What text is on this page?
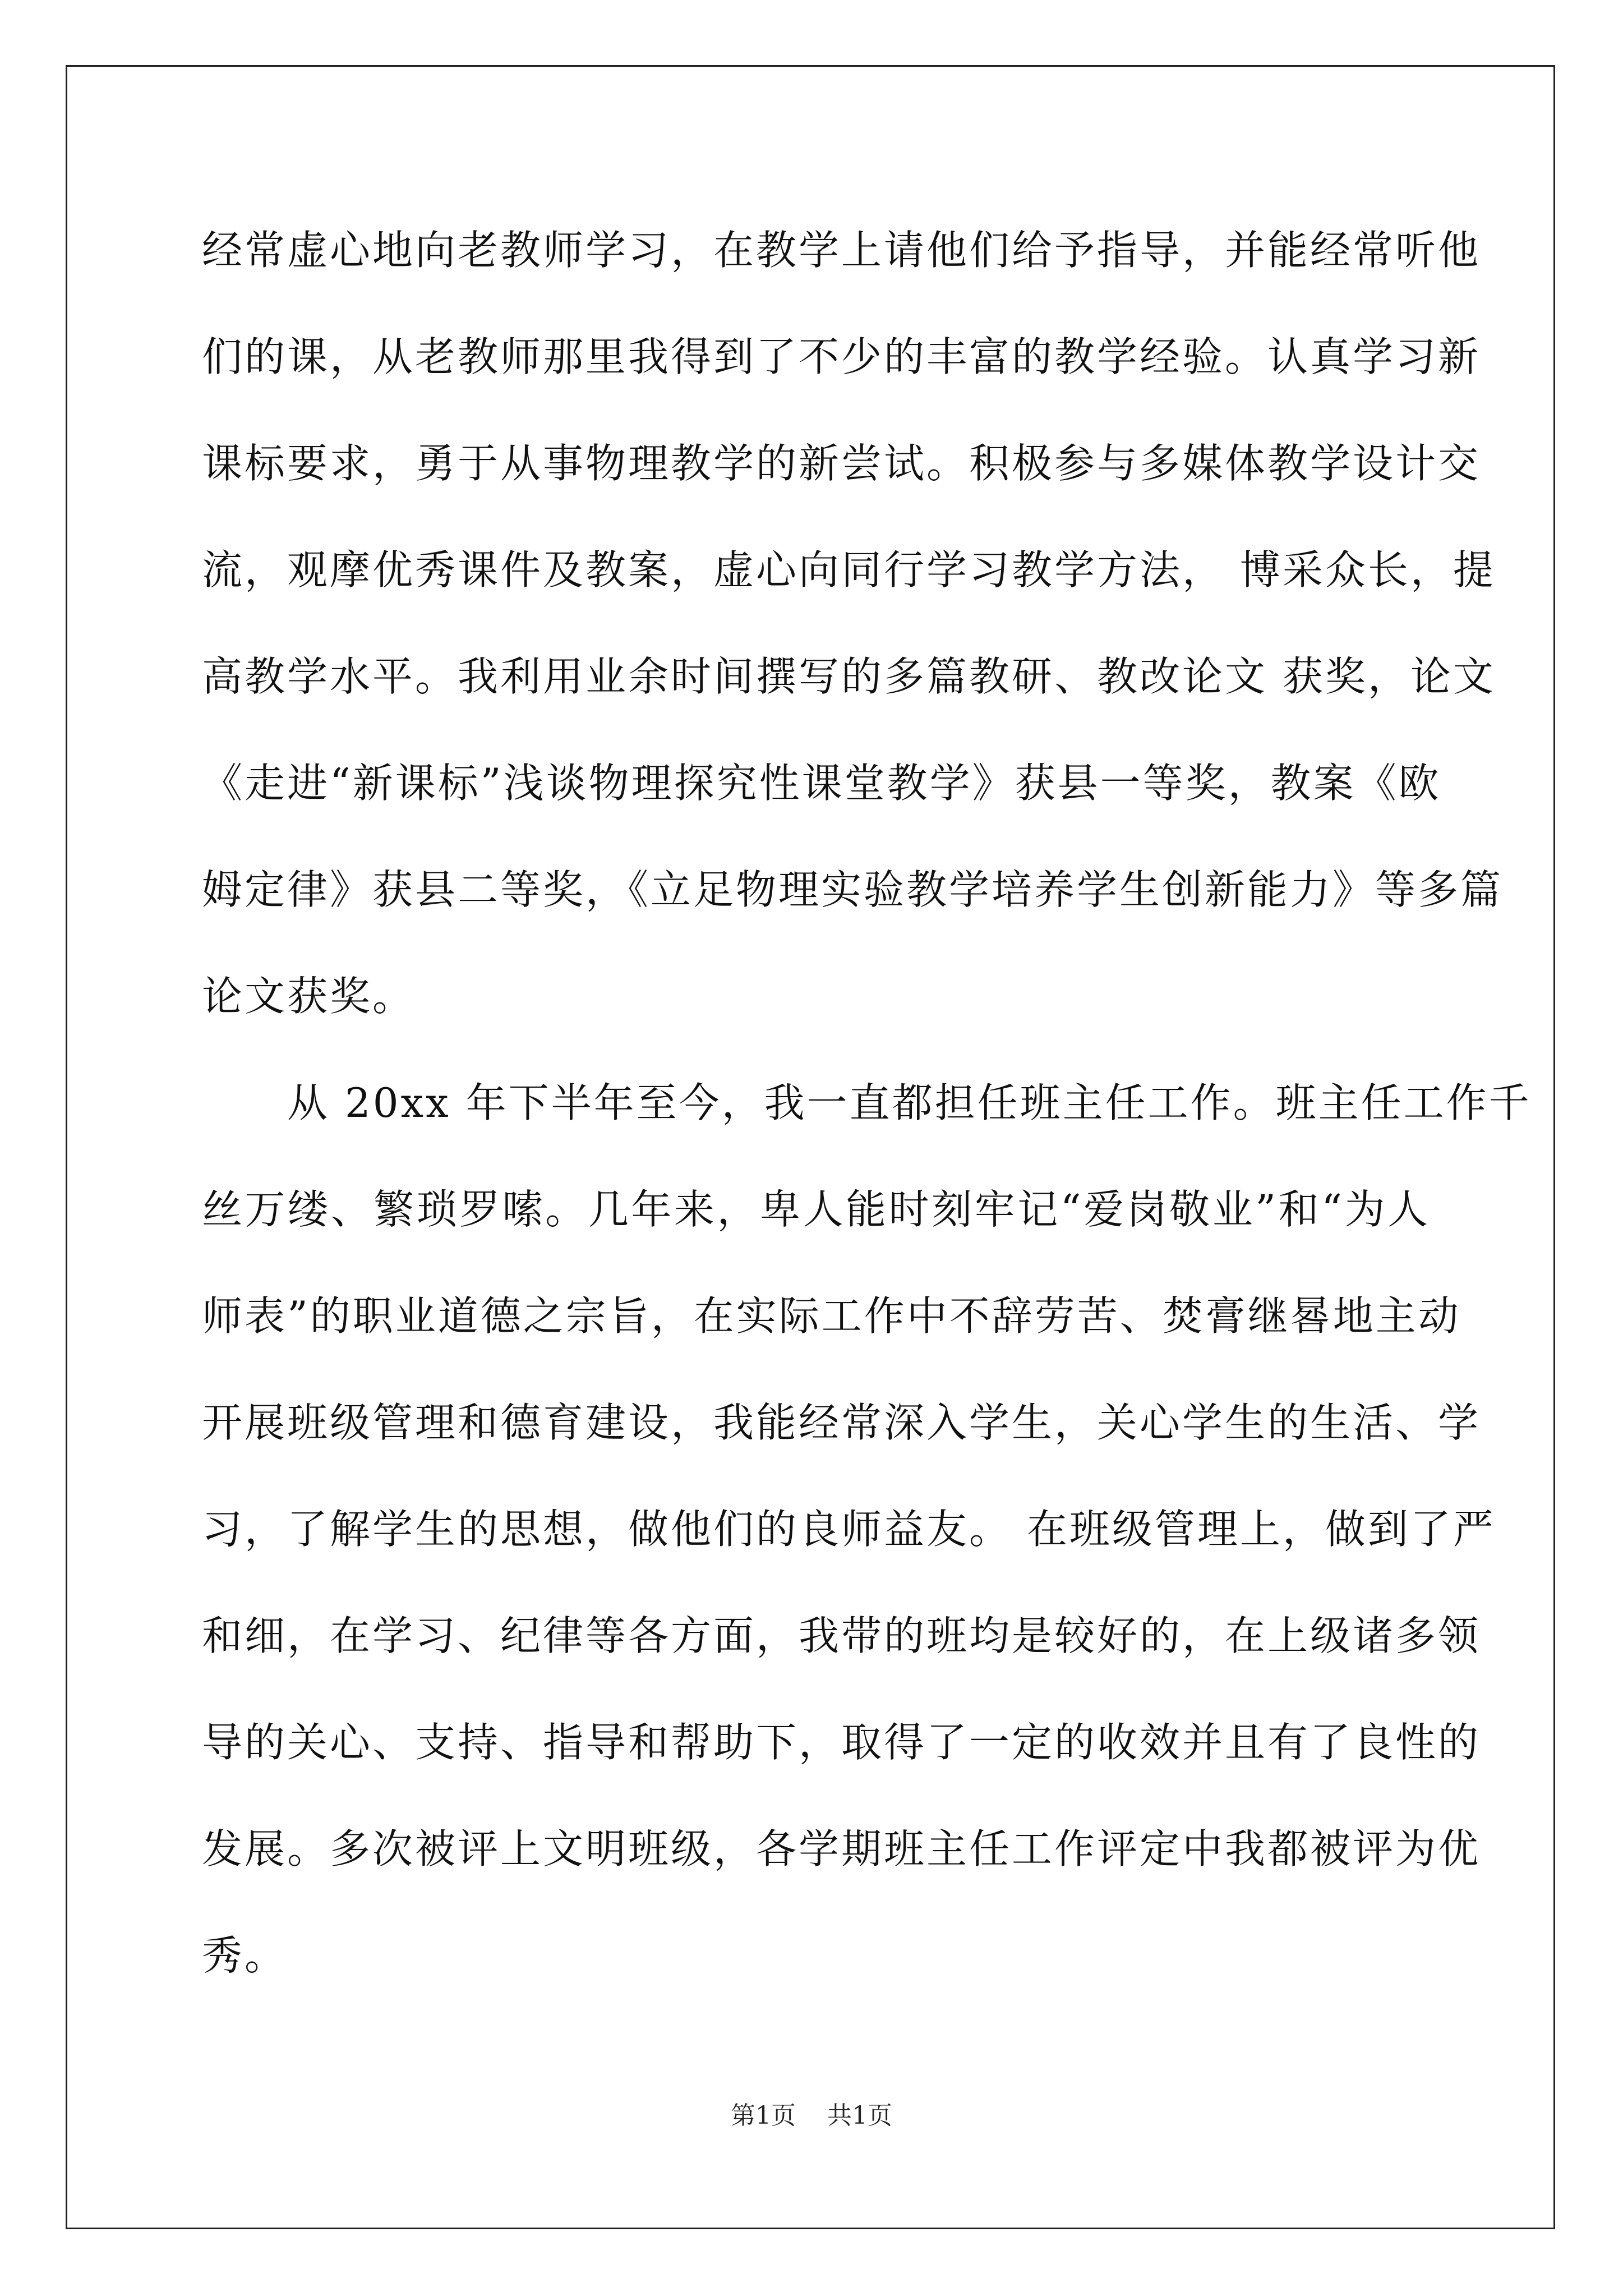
经常虚心地向老教师学习，在教学上请他们给予指导，并能经常听他
们的课，从老教师那里我得到了不少的丰富的教学经验。认真学习新
课标要求，勇于从事物理教学的新尝试。积极参与多媒体教学设计交
流，观摩优秀课件及教案，虚心向同行学习教学方法， 博采众长，提
高教学水平。我利用业余时间撰写的多篇教研、教改论文 获奖，论文
《走进“新课标”浅谈物理探究性课堂教学》获县一等奖，教案《欧
姆定律》获县二等奖，《立足物理实验教学培养学生创新能力》等多篇
论文获奖。
　　从 20xx 年下半年至今，我一直都担任班主任工作。班主任工作千
丝万缕、繁琐罗嗦。几年来，卑人能时刻牢记“爱岗敬业”和“为人
师表”的职业道德之宗旨，在实际工作中不辞劳苦、焚膏继晷地主动
开展班级管理和德育建设，我能经常深入学生，关心学生的生活、学
习，了解学生的思想，做他们的良师益友。 在班级管理上，做到了严
和细，在学习、纪律等各方面，我带的班均是较好的，在上级诸多领
导的关心、支持、指导和帮助下，取得了一定的收效并且有了良性的
发展。多次被评上文明班级，各学期班主任工作评定中我都被评为优
秀。
第1页 共1页
